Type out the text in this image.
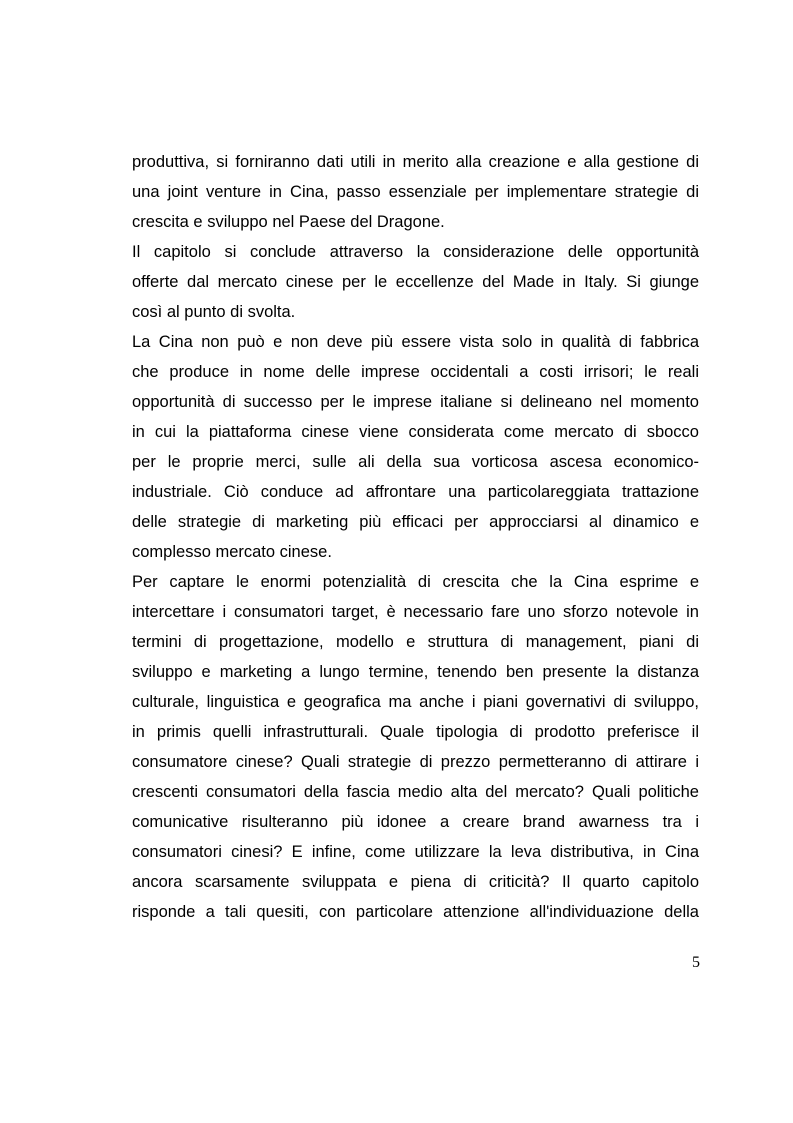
produttiva, si forniranno dati utili in merito alla creazione e alla gestione di
una joint venture in Cina, passo essenziale per implementare strategie di
crescita e sviluppo nel Paese del Dragone.

Il capitolo si conclude attraverso la considerazione delle opportunità
offerte dal mercato cinese per le eccellenze del Made in Italy. Si giunge
così al punto di svolta.

La Cina non può e non deve più essere vista solo in qualità di fabbrica
che produce in nome delle imprese occidentali a costi irrisori; le reali
opportunità di successo per le imprese italiane si delineano nel momento
in cui la piattaforma cinese viene considerata come mercato di sbocco
per le proprie merci, sulle ali della sua vorticosa ascesa economico-
industriale. Ciò conduce ad affrontare una particolareggiata trattazione
delle strategie di marketing più efficaci per approcciarsi al dinamico e
complesso mercato cinese.

Per captare le enormi potenzialità di crescita che la Cina esprime e
intercettare i consumatori target, è necessario fare uno sforzo notevole in
termini di progettazione, modello e struttura di management, piani di
sviluppo e marketing a lungo termine, tenendo ben presente la distanza
culturale, linguistica e geografica ma anche i piani governativi di sviluppo,
in primis quelli infrastrutturali. Quale tipologia di prodotto preferisce il
consumatore cinese? Quali strategie di prezzo permetteranno di attirare i
crescenti consumatori della fascia medio alta del mercato? Quali politiche
comunicative risulteranno più idonee a creare brand awarness tra i
consumatori cinesi? E infine, come utilizzare la leva distributiva, in Cina
ancora scarsamente sviluppata e piena di criticità? Il quarto capitolo
risponde a tali quesiti, con particolare attenzione all'individuazione della

5
